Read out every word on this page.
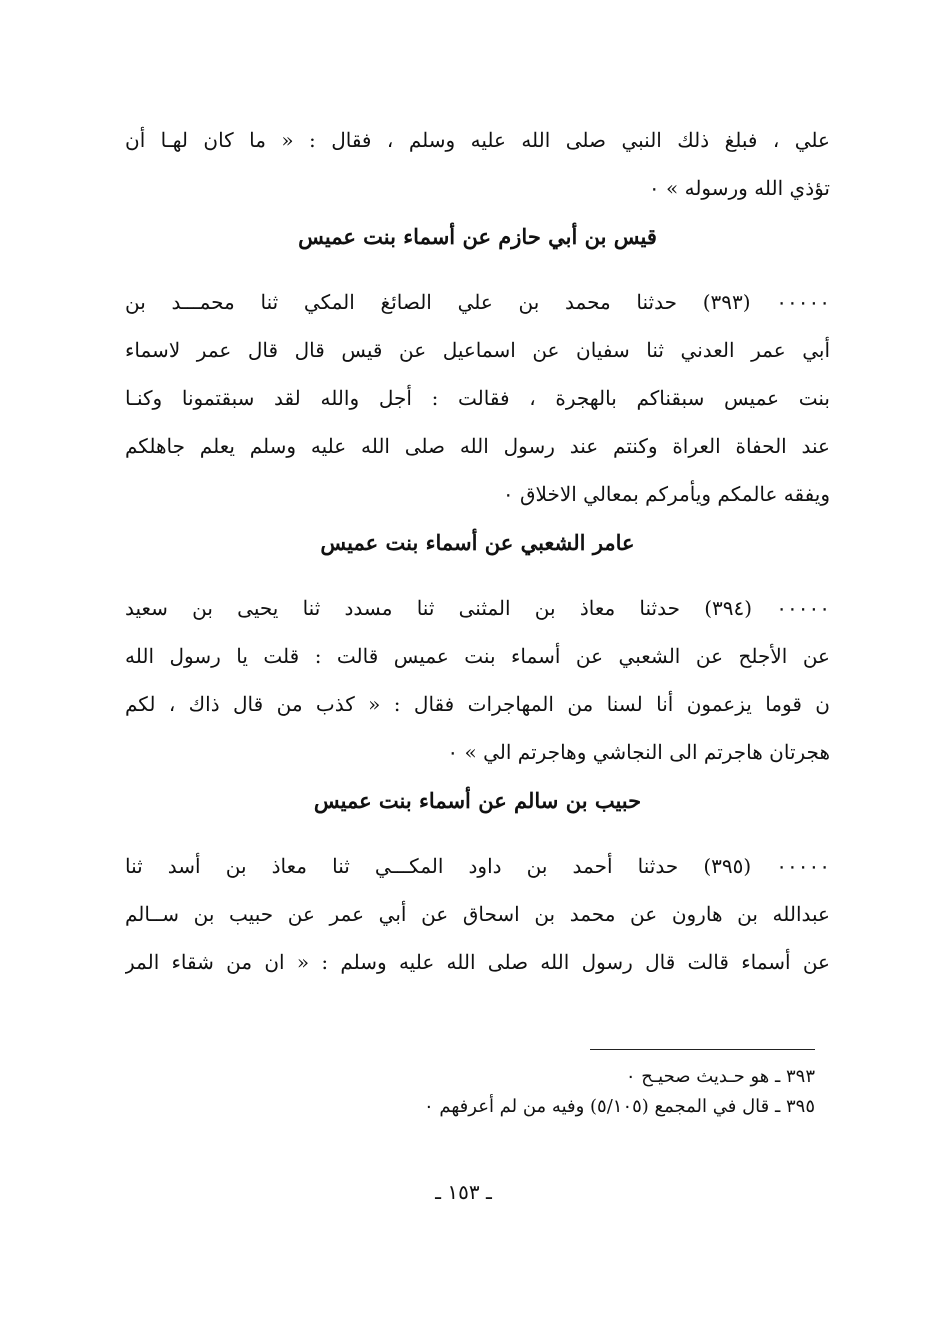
علي ، فبلغ ذلك النبي صلى الله عليه وسلم ، فقال : « ما كان لهـا أن
تؤذي الله ورسوله » ٠
قيس بن أبي حازم عن أسماء بنت عميس
٠٠٠٠٠ (٣٩٣) حدثنا محمد بن علي الصائغ المكي ثنا محمـــد بن
أبي عمر العدني ثنا سفيان عن اسماعيل عن قيس قال قال عمر لاسماء
بنت عميس سبقناكم بالهجرة ، فقالت : أجل والله لقد سبقتمونا وكنـا
عند الحفاة العراة وكنتم عند رسول الله صلى الله عليه وسلم يعلم جاهلكم
ويفقه عالمكم ويأمركم بمعالي الاخلاق ٠
عامر الشعبي عن أسماء بنت عميس
٠٠٠٠٠ (٣٩٤) حدثنا معاذ بن المثنى ثنا مسدد ثنا يحيى بن سعيد
عن الأجلح عن الشعبي عن أسماء بنت عميس قالت : قلت يا رسول الله
ن قوما يزعمون أنا لسنا من المهاجرات فقال : « كذب من قال ذاك ، لكم
هجرتان هاجرتم الى النجاشي وهاجرتم الي » ٠
حبيب بن سالم عن أسماء بنت عميس
٠٠٠٠٠ (٣٩٥) حدثنا أحمد بن داود المكـــي ثنا معاذ بن أسد ثنا
عبدالله بن هارون عن محمد بن اسحاق عن أبي عمر عن حبيب بن ســالم
عن أسماء قالت قال رسول الله صلى الله عليه وسلم : « ان من شقاء المر
٣٩٣ ـ هو حـديث صحيـح ٠
٣٩٥ ـ قال في المجمع (٥/١٠٥) وفيه من لم أعرفهم ٠
ـ ١٥٣ ـ
